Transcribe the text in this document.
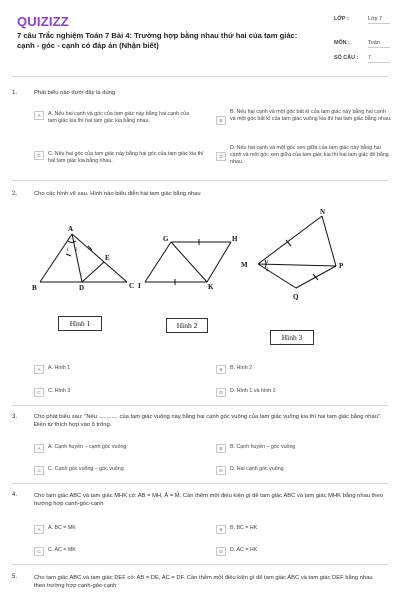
QUIZIZZ
7 câu Trắc nghiệm Toán 7 Bài 4: Trường hợp bằng nhau thứ hai của tam giác: cạnh - góc - cạnh có đáp án (Nhận biết)
LỚP :	Lớp 7
MÔN :	Toán
SỐ CÂU : 7
1.	Phát biểu nào dưới đây là đúng
A	A. Nếu hai cạnh và góc của tam giác này bằng hai cạnh của tam giác kia thì hai tam giác kia bằng nhau.	B
B. Nếu hai cạnh và một góc bất kì của tam giác này bằng hai cạnh và một góc bất kì của tam giác vuông kia thì hai tam giác bằng nhau.
C	C. Nếu hai góc của tam giác này bằng hai góc của tam giác kia thì hai tam giác kia bằng nhau.
D
D. Nếu hai cạnh và một góc xen giữa của tam giác này bằng hai cạnh và một góc xen giữa của tam giác kia thì hai tam giác đó bằng nhau.
2.	Cho các hình vẽ sau. Hình nào biểu diễn hai tam giác bằng nhau
A
1 2
E
B	D	C
G	H
I	K
N
M	1
2
P
Q
Hình 1	Hình 2
Hình 3
A	A. Hình 1	B	B. Hình 2
C	C. Hình 3	D	D. Hình 1 và hình 2
3.	Cho phát biểu sau: "Nếu ............ của tam giác vuông này bằng hai cạnh góc vuông của tam giác vuông kia thì hai tam giác bằng nhau". Điền từ thích hợp vào ô trống.
A	A. Cạnh huyền – cạnh góc vuông	B	B. Cạnh huyền – góc vuông
C	C. Cạnh góc vuông – góc vuông	D	D. Hai cạnh góc vuông
4.	Cho tam giác ABC và tam giác MHK có: AB = MH, Â = M̂. Cần thêm một điều kiện gì để tam giác ABC và tam giác MHK bằng nhau theo trường hợp cạnh-góc-cạnh
A	A. BC = MK	B	B. BC = HK
C	C. AC = MK	D	D. AC = HK
5.	Cho tam giác ABC và tam giác DEF có: AB = DE, AC = DF. Cần thêm một điều kiện gì để tam giác ABC và tam giác DEF bằng nhau theo trường hợp cạnh-góc-cạnh
